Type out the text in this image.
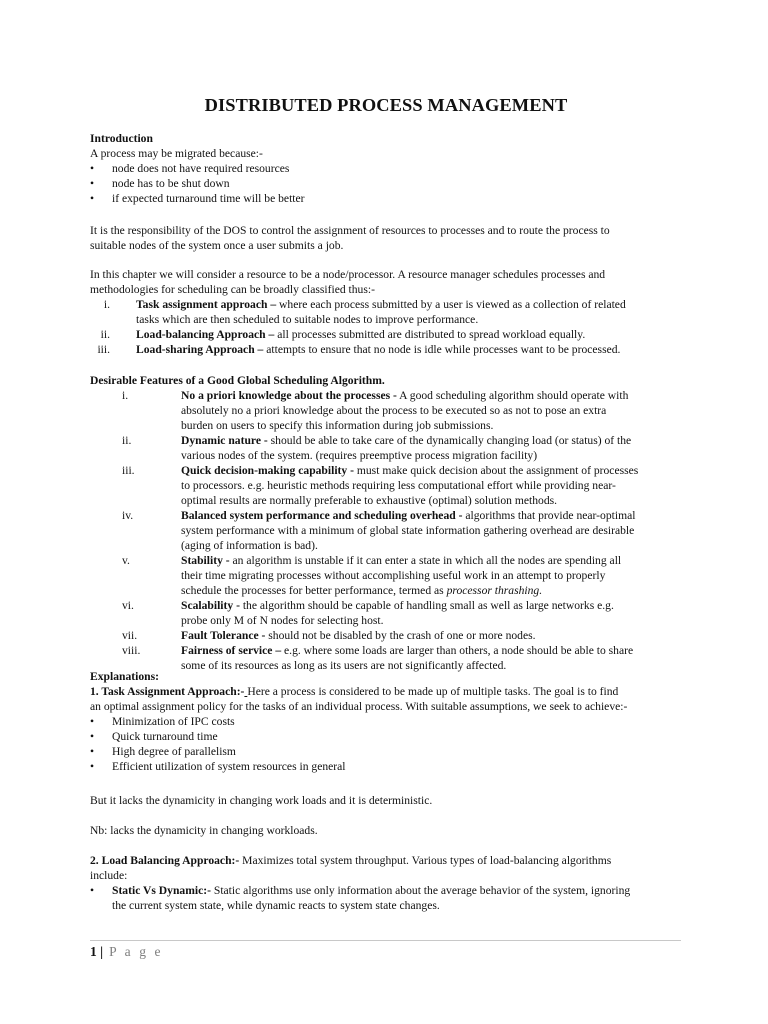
DISTRIBUTED PROCESS MANAGEMENT

Introduction

A process may be migrated because:-

• node does not have required resources
• node has to be shut down
• if expected turnaround time will be better

It is the responsibility of the DOS to control the assignment of resources to processes and to route the process to

suitable nodes of the system once a user submits a job.

In this chapter we will consider a resource to be a node/processor. A resource manager schedules processes and

methodologies for scheduling can be broadly classified thus:-

i. Task assignment approach – where each process submitted by a user is viewed as a collection of related
tasks which are then scheduled to suitable nodes to improve performance.
ii. Load-balancing Approach – all processes submitted are distributed to spread workload equally.
iii. Load-sharing Approach – attempts to ensure that no node is idle while processes want to be processed.

Desirable Features of a Good Global Scheduling Algorithm.

i.	No a priori knowledge about the processes - A good scheduling algorithm should operate with
absolutely no a priori knowledge about the process to be executed so as not to pose an extra
burden on users to specify this information during job submissions.
ii.	Dynamic nature - should be able to take care of the dynamically changing load (or status) of the
various nodes of the system. (requires preemptive process migration facility)
iii.	Quick decision-making capability - must make quick decision about the assignment of processes
to processors. e.g. heuristic methods requiring less computational effort while providing near-
optimal results are normally preferable to exhaustive (optimal) solution methods.
iv.	Balanced system performance and scheduling overhead - algorithms that provide near-optimal
system performance with a minimum of global state information gathering overhead are desirable
(aging of information is bad).
v.	Stability - an algorithm is unstable if it can enter a state in which all the nodes are spending all
their time migrating processes without accomplishing useful work in an attempt to properly
schedule the processes for better performance, termed as processor thrashing.
vi.	Scalability - the algorithm should be capable of handling small as well as large networks e.g.
probe only M of N nodes for selecting host.
vii.	Fault Tolerance - should not be disabled by the crash of one or more nodes.
viii.	Fairness of service – e.g. where some loads are larger than others, a node should be able to share
some of its resources as long as its users are not significantly affected.

Explanations:

1. Task Assignment Approach:- Here a process is considered to be made up of multiple tasks. The goal is to find
an optimal assignment policy for the tasks of an individual process. With suitable assumptions, we seek to achieve:-

• Minimization of IPC costs
• Quick turnaround time
• High degree of parallelism
• Efficient utilization of system resources in general

But it lacks the dynamicity in changing work loads and it is deterministic.

Nb: lacks the dynamicity in changing workloads.

2. Load Balancing Approach:- Maximizes total system throughput. Various types of load-balancing algorithms
include:

• Static Vs Dynamic:- Static algorithms use only information about the average behavior of the system, ignoring
the current system state, while dynamic reacts to system state changes.
1 | P a g e
